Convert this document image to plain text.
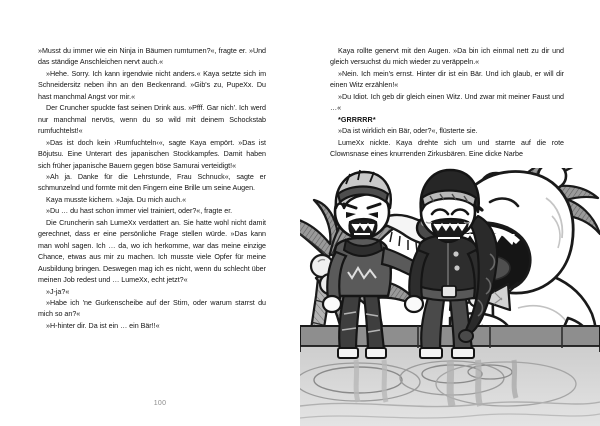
»Musst du immer wie ein Ninja in Bäumen rumturnen?«, fragte er. »Und das ständige Anschleichen nervt auch.«

»Hehe. Sorry. Ich kann irgendwie nicht anders.« Kaya setzte sich im Schneidersitz neben ihn an den Beckenrand. »Gib's zu, PupeXx. Du hast manchmal Angst vor mir.«

Der Cruncher spuckte fast seinen Drink aus. »Pfff. Gar nich'. Ich werd nur manchmal nervös, wenn du so wild mit deinem Schockstab rumfuchtelst!«

»Das ist doch kein ›Rumfuchteln‹«, sagte Kaya empört. »Das ist Bōjutsu. Eine Unterart des japanischen Stockkampfes. Damit haben sich früher japanische Bauern gegen böse Samurai verteidigt!«

»Ah ja. Danke für die Lehrstunde, Frau Schnuck«, sagte er schmunzelnd und formte mit den Fingern eine Brille um seine Augen.

Kaya musste kichern. »Jaja. Du mich auch.«

»Du … du hast schon immer viel trainiert, oder?«, fragte er.

Die Cruncherin sah LumeXx verdattert an. Sie hatte wohl nicht damit gerechnet, dass er eine persönliche Frage stellen würde. »Das kann man wohl sagen. Ich … da, wo ich herkomme, war das meine einzige Chance, etwas aus mir zu machen. Ich musste viele Opfer für meine Ausbildung bringen. Deswegen mag ich es nicht, wenn du schlecht über meinen Job redest und … LumeXx, echt jetzt?«

»J-ja?«

»Habe ich 'ne Gurkenscheibe auf der Stirn, oder warum starrst du mich so an?«

»H-hinter dir. Da ist ein … ein Bär!!«

Kaya rollte genervt mit den Augen. »Da bin ich einmal nett zu dir und gleich versuchst du mich wieder zu veräppeln.«

»Nein. Ich mein's ernst. Hinter dir ist ein Bär. Und ich glaub, er will dir einen Witz erzählen!«

»Du Idiot. Ich geb dir gleich einen Witz. Und zwar mit meiner Faust und …«

*GRRRRR*

»Da ist wirklich ein Bär, oder?«, flüsterte sie.

LumeXx nickte. Kaya drehte sich um und starrte auf die rote Clownsnase eines knurrenden Zirkusbären. Eine dicke Narbe

100
